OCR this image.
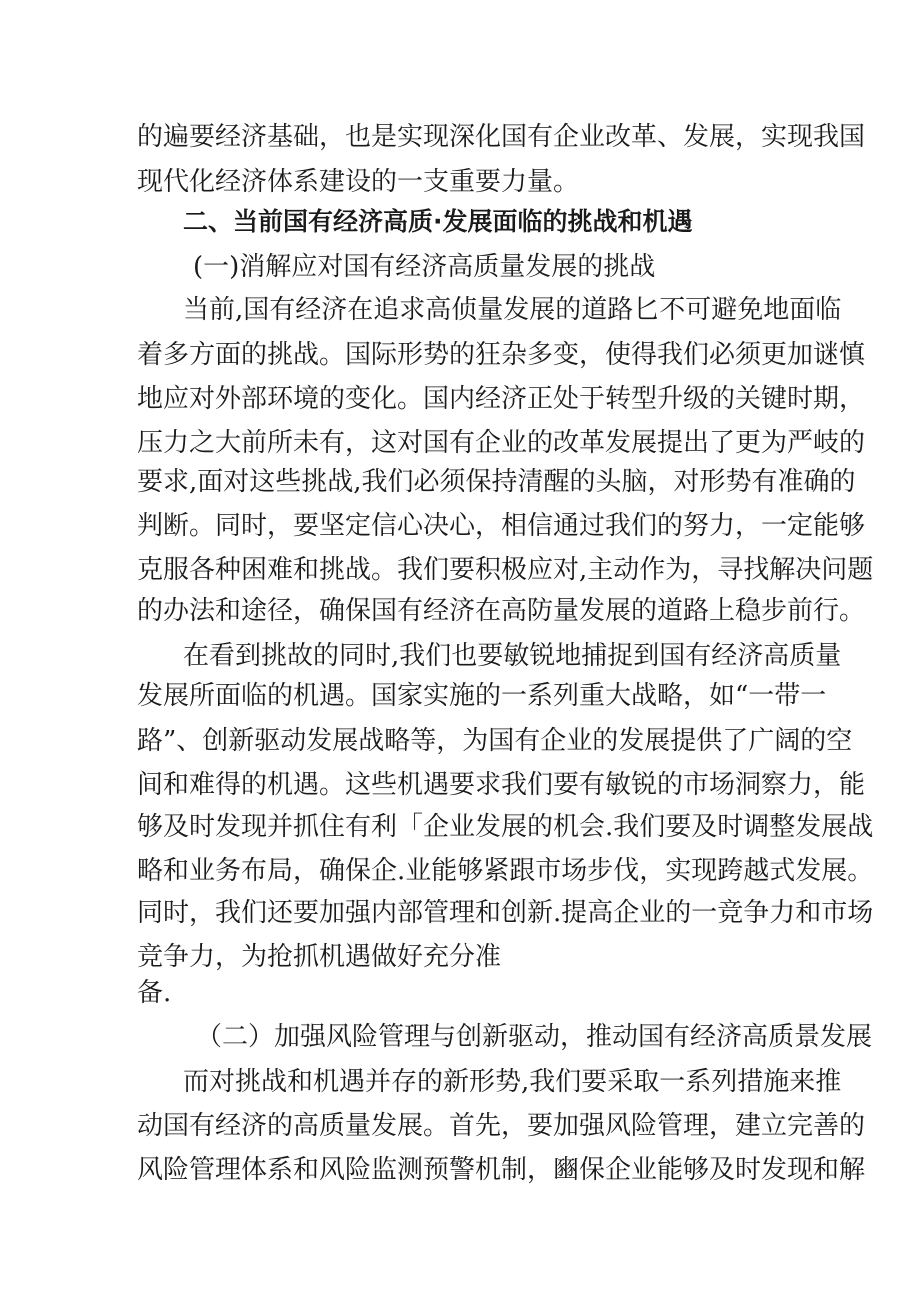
的遍要经济基础，也是实现深化国有企业改革、发展，实现我国
现代化经济体系建设的一支重要力量。
二、当前国有经济高质·发展面临的挑战和机遇
(一)消解应对国有经济高质量发展的挑战
当前,国有经济在追求高侦量发展的道路匕不可避免地面临
着多方面的挑战。国际形势的狂杂多变，使得我们必须更加谜慎
地应对外部环境的变化。国内经济正处于转型升级的关键时期，
压力之大前所未有，这对国有企业的改革发展提出了更为严岐的
要求,面对这些挑战,我们必须保持清醒的头脑，对形势有准确的
判断。同时，要坚定信心决心，相信通过我们的努力，一定能够
克服各种困难和挑战。我们要积极应对,主动作为，寻找解决问题
的办法和途径，确保国有经济在高防量发展的道路上稳步前行。
在看到挑故的同时,我们也要敏锐地捕捉到国有经济高质量
发展所面临的机遇。国家实施的一系列重大战略，如“一带一
路”、创新驱动发展战略等，为国有企业的发展提供了广阔的空
间和难得的机遇。这些机遇要求我们要有敏锐的市场洞察力，能
够及时发现并抓住有利「企业发展的机会.我们要及时调整发展战
略和业务布局，确保企.业能够紧跟市场步伐，实现跨越式发展。
同时，我们还要加强内部管理和创新.提高企业的一竞争力和市场
竞争力，为抢抓机遇做好充分准
备.
（二）加强风险管理与创新驱动，推动国有经济高质景发展
而对挑战和机遇并存的新形势,我们要采取一系列措施来推
动国有经济的高质量发展。首先，要加强风险管理，建立完善的
风险管理体系和风险监测预警机制，豳保企业能够及时发现和解
